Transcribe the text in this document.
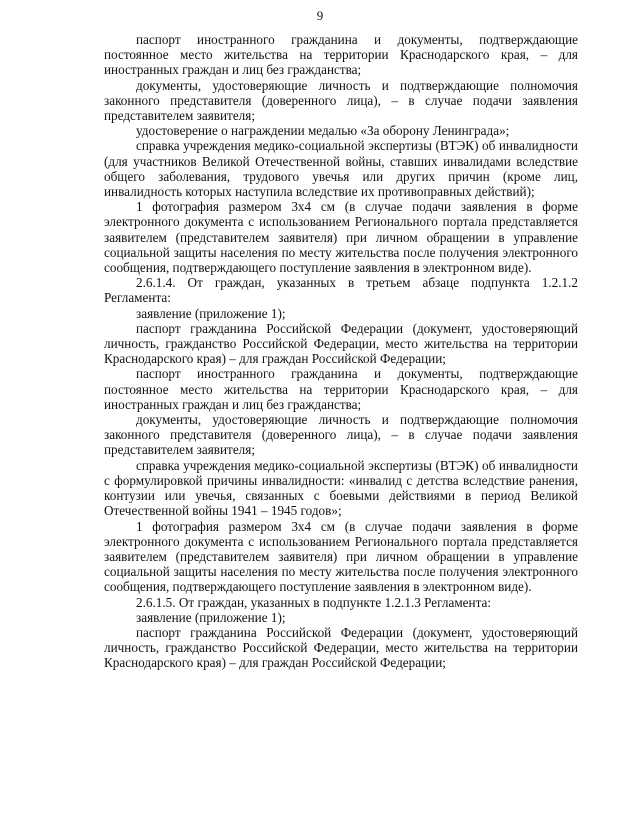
9

паспорт иностранного гражданина и документы, подтверждающие постоянное место жительства на территории Краснодарского края, – для иностранных граждан и лиц без гражданства;

документы, удостоверяющие личность и подтверждающие полномочия законного представителя (доверенного лица), – в случае подачи заявления представителем заявителя;

удостоверение о награждении медалью «За оборону Ленинграда»;

справка учреждения медико-социальной экспертизы (ВТЭК) об инвалидности (для участников Великой Отечественной войны, ставших инвалидами вследствие общего заболевания, трудового увечья или других причин (кроме лиц, инвалидность которых наступила вследствие их противоправных действий);

1 фотография размером 3х4 см (в случае подачи заявления в форме электронного документа с использованием Регионального портала представляется заявителем (представителем заявителя) при личном обращении в управление социальной защиты населения по месту жительства после получения электронного сообщения, подтверждающего поступление заявления в электронном виде).

2.6.1.4. От граждан, указанных в третьем абзаце подпункта 1.2.1.2 Регламента:

заявление (приложение 1);

паспорт гражданина Российской Федерации (документ, удостоверяющий личность, гражданство Российской Федерации, место жительства на территории Краснодарского края) – для граждан Российской Федерации;

паспорт иностранного гражданина и документы, подтверждающие постоянное место жительства на территории Краснодарского края, – для иностранных граждан и лиц без гражданства;

документы, удостоверяющие личность и подтверждающие полномочия законного представителя (доверенного лица), – в случае подачи заявления представителем заявителя;

справка учреждения медико-социальной экспертизы (ВТЭК) об инвалидности с формулировкой причины инвалидности: «инвалид с детства вследствие ранения, контузии или увечья, связанных с боевыми действиями в период Великой Отечественной войны 1941 – 1945 годов»;

1 фотография размером 3х4 см (в случае подачи заявления в форме электронного документа с использованием Регионального портала представляется заявителем (представителем заявителя) при личном обращении в управление социальной защиты населения по месту жительства после получения электронного сообщения, подтверждающего поступление заявления в электронном виде).

2.6.1.5. От граждан, указанных в подпункте 1.2.1.3 Регламента:

заявление (приложение 1);

паспорт гражданина Российской Федерации (документ, удостоверяющий личность, гражданство Российской Федерации, место жительства на территории Краснодарского края) – для граждан Российской Федерации;
